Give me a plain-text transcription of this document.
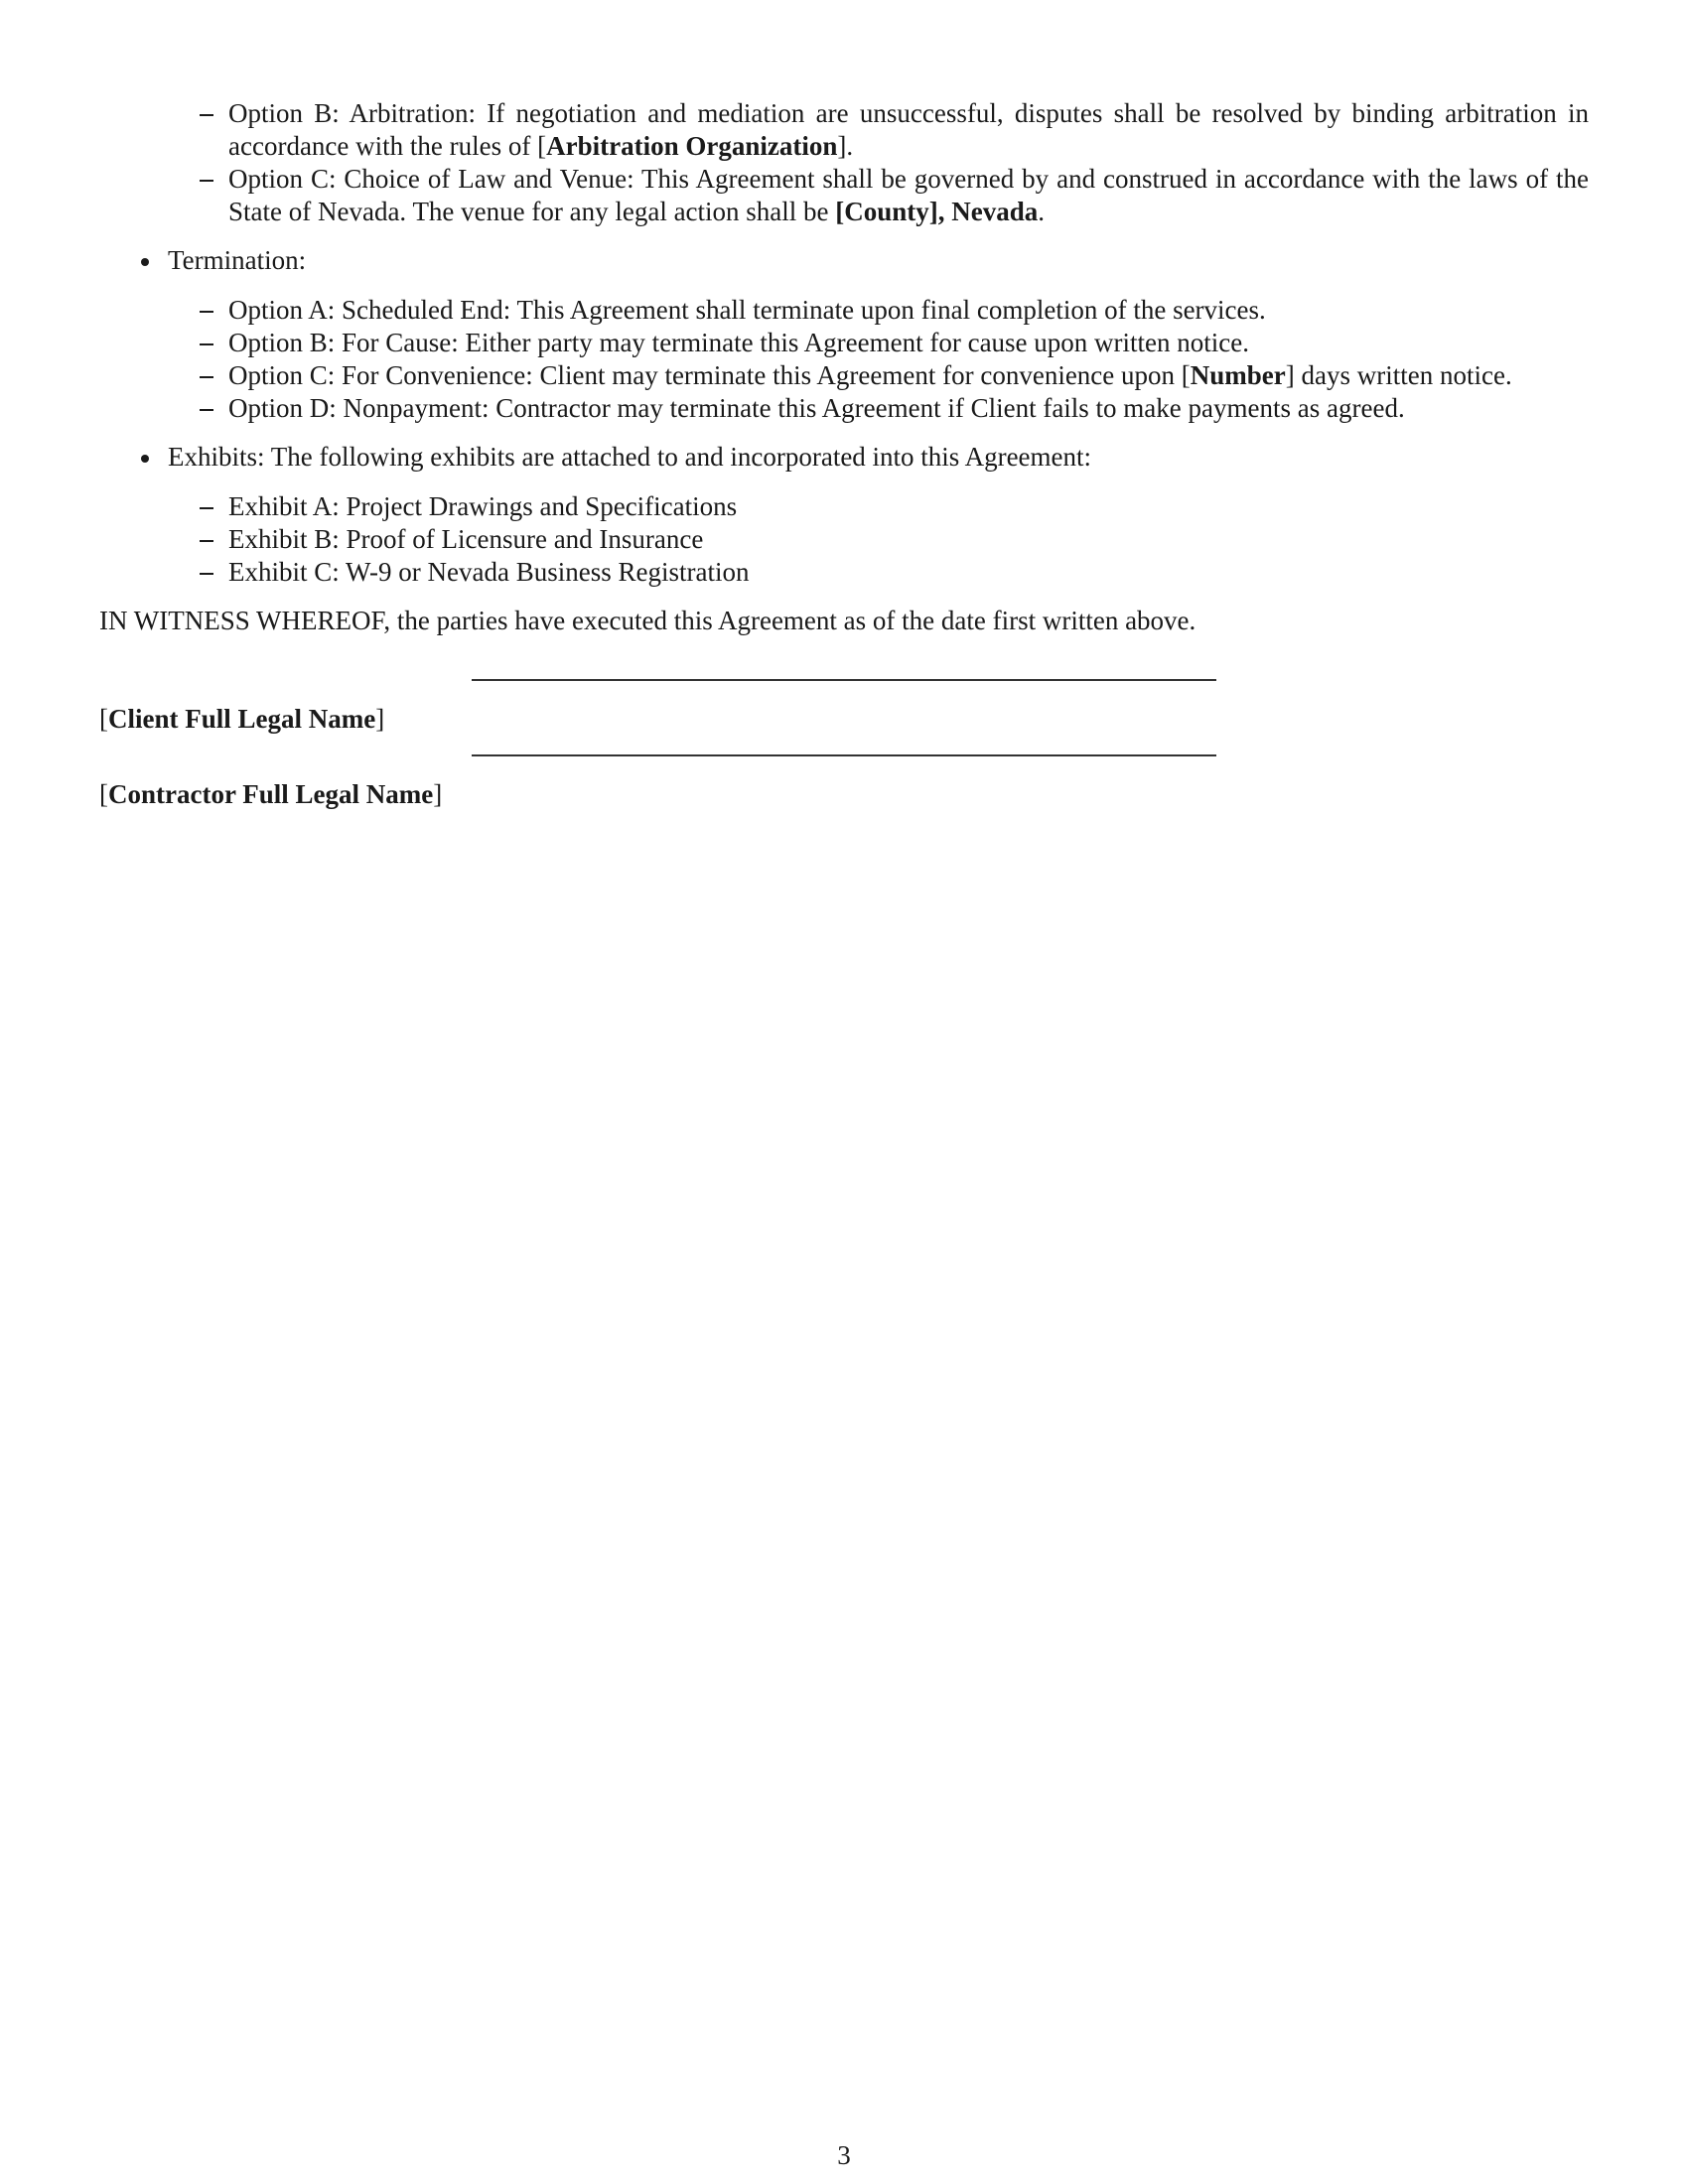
Option B: Arbitration: If negotiation and mediation are unsuccessful, disputes shall be resolved by binding arbitration in accordance with the rules of [Arbitration Organization].
Option C: Choice of Law and Venue: This Agreement shall be governed by and construed in accordance with the laws of the State of Nevada. The venue for any legal action shall be [County], Nevada.
Termination:
Option A: Scheduled End: This Agreement shall terminate upon final completion of the services.
Option B: For Cause: Either party may terminate this Agreement for cause upon written notice.
Option C: For Convenience: Client may terminate this Agreement for convenience upon [Number] days written notice.
Option D: Nonpayment: Contractor may terminate this Agreement if Client fails to make payments as agreed.
Exhibits: The following exhibits are attached to and incorporated into this Agreement:
Exhibit A: Project Drawings and Specifications
Exhibit B: Proof of Licensure and Insurance
Exhibit C: W-9 or Nevada Business Registration

IN WITNESS WHEREOF, the parties have executed this Agreement as of the date first written above.

[Client Full Legal Name]
[Contractor Full Legal Name]
3
